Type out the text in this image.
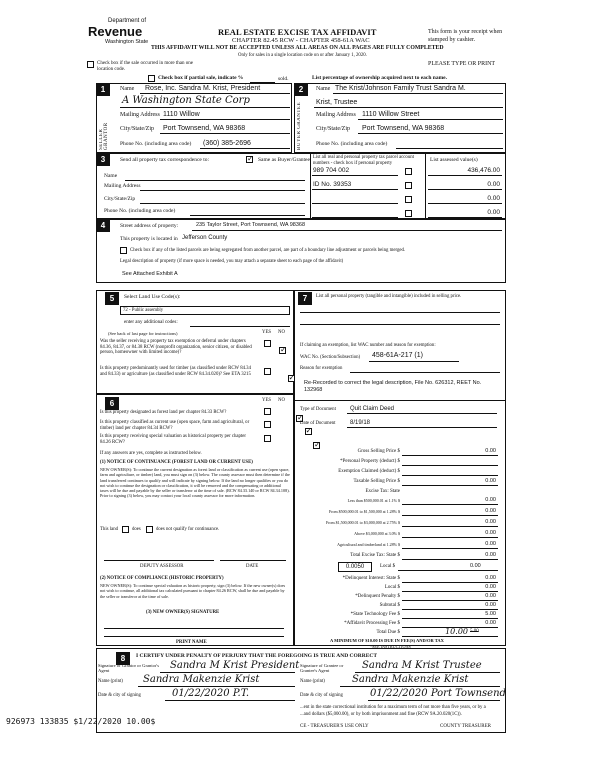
Department of
Revenue
Washington State
REAL ESTATE EXCISE TAX AFFIDAVIT
CHAPTER 82.45 RCW - CHAPTER 458-61A WAC
THIS AFFIDAVIT WILL NOT BE ACCEPTED UNLESS ALL AREAS ON ALL PAGES ARE FULLY COMPLETED
Only for sales in a single location code on or after January 1, 2020.
This form is your receipt when stamped by cashier.
PLEASE TYPE OR PRINT
Check box if the sale occurred in more than one location code.
Check box if partial sale, indicate %	sold.	List percentage of ownership acquired next to each name.
1
SELLER GRANTOR
Name Rose, Inc. Sandra M. Krist, President
A Washington State Corp
Mailing Address 1110 Willow
City/State/Zip Port Townsend, WA 98368
Phone No. (including area code) (360) 385-2696
2
BUYER GRANTEE
Name The Krist/Johnson Family Trust Sandra M.
Krist, Trustee
Mailing Address 1110 Willow Street
City/State/Zip Port Townsend, WA 98368
Phone No. (including area code)
3	Send all property tax correspondence to: ✓	Same as Buyer/Grantee
Name
Mailing Address
City/State/Zip
Phone No. (including area code)
List all real and personal property tax parcel account numbers - check box if personal property
List assessed value(s)
989 704 002	436,476.00
ID No. 39353	0.00
0.00
0.00
4	Street address of property:	235 Taylor Street, Port Townsend, WA 98368
This property is located in Jefferson County
Check box if any of the listed parcels are being segregated from another parcel, are part of a boundary line adjustment or parcels being merged.
Legal description of property (if more space is needed, you may attach a separate sheet to each page of the affidavit)
See Attached Exhibit A
5	Select Land Use Code(s):
72 - Public assembly
enter any additional codes:
(See back of last page for instructions)	YES NO
Was the seller receiving a property tax exemption or deferral under chapters 84.36, 84.37, or 84.38 RCW (nonprofit organization, senior citizen, or disabled person, homeowner with limited income)?
✓
Is this property predominantly used for timber (as classified under RCW 84.34 and 84.33) or agriculture (as classified under RCW 84.34.020)? See ETA 3215
✓
6	YES NO
Is this property designated as forest land per chapter 84.33 RCW?
✓
Is this property classified as current use (open space, farm and agricultural, or timber) land per chapter 84.34 RCW?
✓
Is this property receiving special valuation as historical property per chapter 84.26 RCW?
✓
If any answers are yes, complete as instructed below.
(1) NOTICE OF CONTINUANCE (FOREST LAND OR CURRENT USE)
NEW OWNER(S): To continue the current designation as forest land or classification as current use (open space, farm and agriculture, or timber) land, you must sign on (3) below. The county assessor must then determine if the land transferred continues to qualify and will indicate by signing below. If the land no longer qualifies or you do not wish to continue the designation or classification, it will be removed and the compensating or additional taxes will be due and payable by the seller or transferor at the time of sale. (RCW 84.33.140 or RCW 84.34.108). Prior to signing (3) below, you may contact your local county assessor for more information.
This land	does	does not qualify for continuance.
DEPUTY ASSESSOR	DATE
(2) NOTICE OF COMPLIANCE (HISTORIC PROPERTY)
NEW OWNER(S): To continue special valuation as historic property, sign (3) below. If the new owner(s) does not wish to continue, all additional tax calculated pursuant to chapter 84.26 RCW, shall be due and payable by the seller or transferor at the time of sale.
(3) NEW OWNER(S) SIGNATURE
PRINT NAME
7	List all personal property (tangible and intangible) included in selling price.
If claiming an exemption, list WAC number and reason for exemption:
WAC No. (Section/Subsection) 458-61A-217 (1)
Reason for exemption
Re-Recorded to correct the legal description, File No. 626312, REET No. 132968
Type of Document Quit Claim Deed
Date of Document 8/19/18
Gross Selling Price $	0.00
*Personal Property (deduct) $
Exemption Claimed (deduct) $
Taxable Selling Price $	0.00
Excise Tax: State
Less than $500,000.01 at 1.1% $	0.00
From $500,000.01 to $1,500,000 at 1.28% $	0.00
From $1,500,000.01 to $3,000,000 at 2.75% $	0.00
Above $3,000,000 at 3.0% $	0.00
Agricultural and timberland at 1.28% $	0.00
Total Excise Tax: State $	0.00
0.0050	Local $	0.00
*Delinquent Interest: State $	0.00
Local $	0.00
*Delinquent Penalty $	0.00
Subtotal $	0.00
*State Technology Fee $	5.00
*Affidavit Processing Fee $	0.00
Total Due $	10.00 5.00
A MINIMUM OF $10.00 IS DUE IN FEE(S) AND/OR TAX
*SEE INSTRUCTIONS
8	I CERTIFY UNDER PENALTY OF PERJURY THAT THE FOREGOING IS TRUE AND CORRECT
Signature of Grantor or Grantor's Agent	Sandra M Krist President Signature of Grantee or Grantee's Agent	Sandra M Krist Trustee
Name (print) Sandra Makenzie Krist	Name (print)	Sandra Makenzie Krist
Date & city of signing	01/22/2020 P.T.	Date & city of signing	01/22/2020 Port Townsend
...ent in the state correctional institution for a maximum term of not more than five years, or by a
...and dollars ($5,000.00), or by both imprisonment and fine (RCW 9A.20.020(1C)).
926973 133835 $1/22/2020 10.00$
CE - TREASURER'S USE ONLY	COUNTY TREASURER
